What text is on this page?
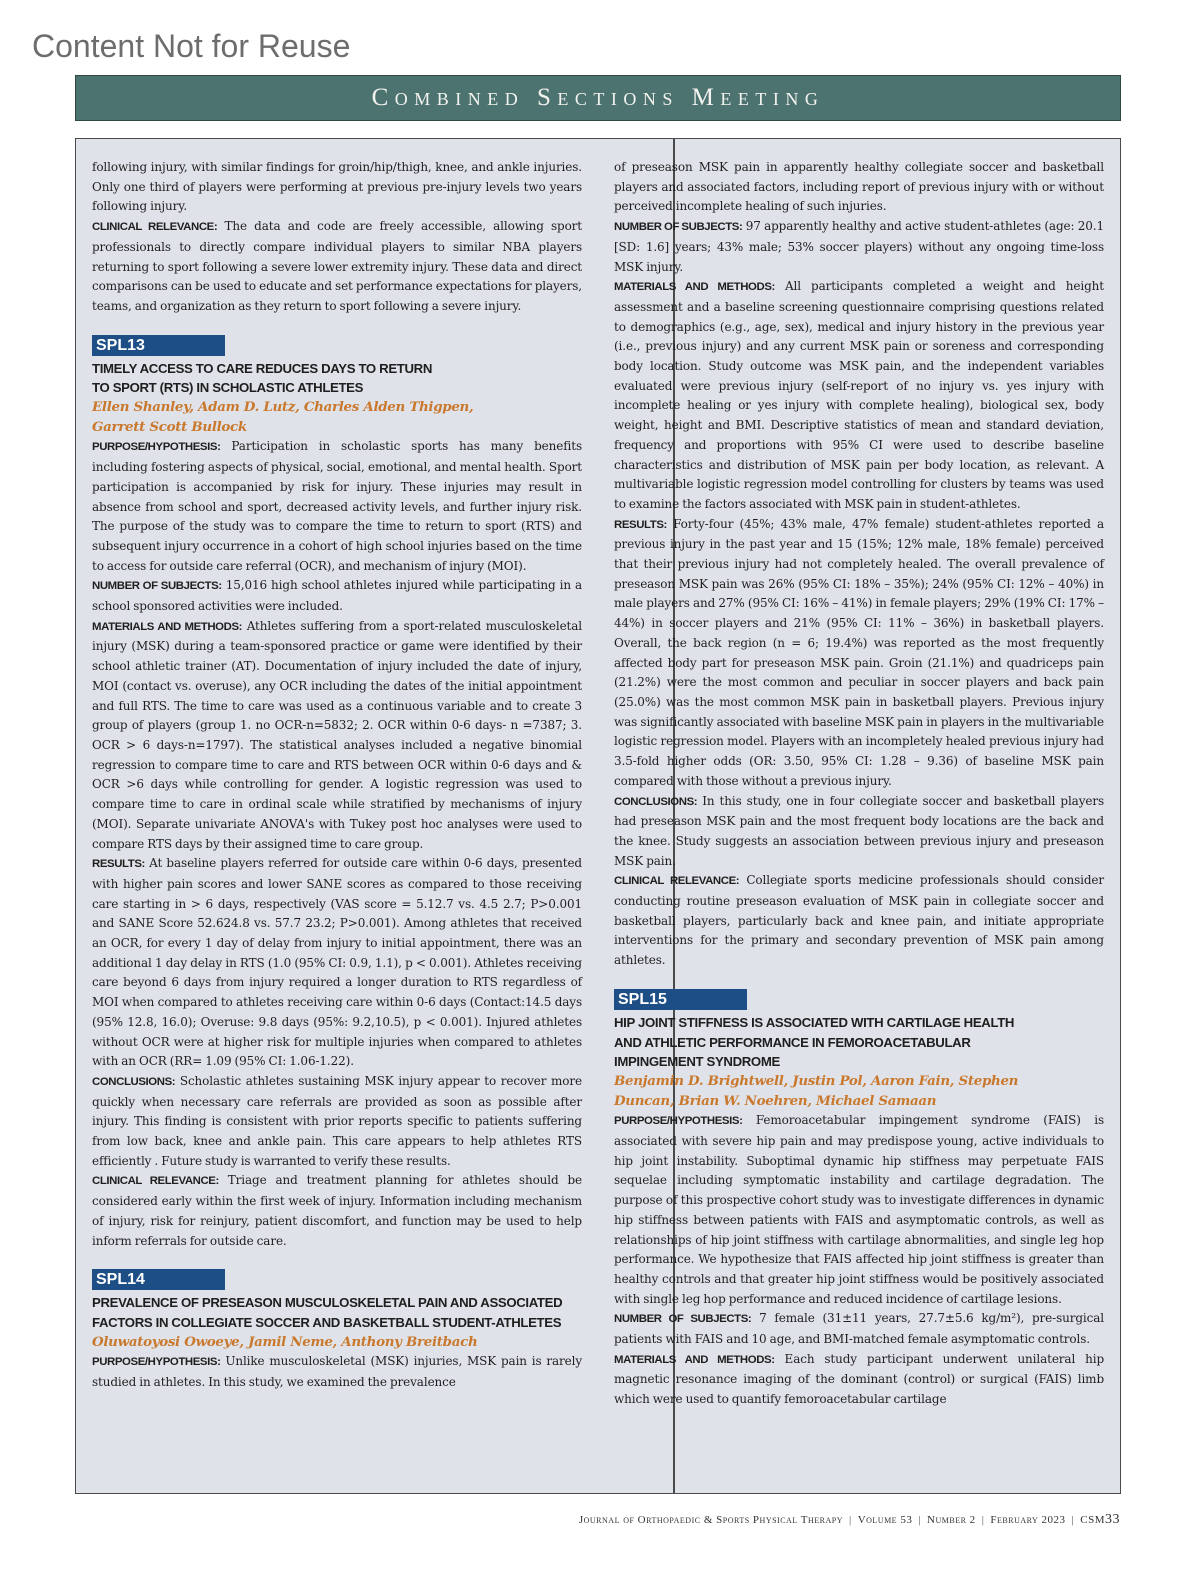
Content Not for Reuse
Combined Sections Meeting

following injury, with similar findings for groin/hip/thigh, knee, and ankle injuries. Only one third of players were performing at previous pre-injury levels two years following injury.

CLINICAL RELEVANCE: The data and code are freely accessible, allowing sport professionals to directly compare individual players to similar NBA players returning to sport following a severe lower extremity injury. These data and direct comparisons can be used to educate and set performance expectations for players, teams, and organization as they return to sport following a severe injury.

SPL13
TIMELY ACCESS TO CARE REDUCES DAYS TO RETURN TO SPORT (RTS) IN SCHOLASTIC ATHLETES
Ellen Shanley, Adam D. Lutz, Charles Alden Thigpen, Garrett Scott Bullock

PURPOSE/HYPOTHESIS: Participation in scholastic sports has many benefits including fostering aspects of physical, social, emotional, and mental health. Sport participation is accompanied by risk for injury. These injuries may result in absence from school and sport, decreased activity levels, and further injury risk. The purpose of the study was to compare the time to return to sport (RTS) and subsequent injury occurrence in a cohort of high school injuries based on the time to access for outside care referral (OCR), and mechanism of injury (MOI).

NUMBER OF SUBJECTS: 15,016 high school athletes injured while participating in a school sponsored activities were included.

MATERIALS AND METHODS: Athletes suffering from a sport-related musculoskeletal injury (MSK) during a team-sponsored practice or game were identified by their school athletic trainer (AT). Documentation of injury included the date of injury, MOI (contact vs. overuse), any OCR including the dates of the initial appointment and full RTS. The time to care was used as a continuous variable and to create 3 group of players (group 1. no OCR-n=5832; 2. OCR within 0-6 days- n =7387; 3. OCR > 6 days-n=1797). The statistical analyses included a negative binomial regression to compare time to care and RTS between OCR within 0-6 days and & OCR >6 days while controlling for gender. A logistic regression was used to compare time to care in ordinal scale while stratified by mechanisms of injury (MOI). Separate univariate ANOVA's with Tukey post hoc analyses were used to compare RTS days by their assigned time to care group.

RESULTS: At baseline players referred for outside care within 0-6 days, presented with higher pain scores and lower SANE scores as compared to those receiving care starting in > 6 days, respectively (VAS score = 5.12.7 vs. 4.5 2.7; P>0.001 and SANE Score 52.624.8 vs. 57.7 23.2; P>0.001). Among athletes that received an OCR, for every 1 day of delay from injury to initial appointment, there was an additional 1 day delay in RTS (1.0 (95% CI: 0.9, 1.1), p < 0.001). Athletes receiving care beyond 6 days from injury required a longer duration to RTS regardless of MOI when compared to athletes receiving care within 0-6 days (Contact:14.5 days (95% 12.8, 16.0); Overuse: 9.8 days (95%: 9.2,10.5), p < 0.001). Injured athletes without OCR were at higher risk for multiple injuries when compared to athletes with an OCR (RR= 1.09 (95% CI: 1.06-1.22).

CONCLUSIONS: Scholastic athletes sustaining MSK injury appear to recover more quickly when necessary care referrals are provided as soon as possible after injury. This finding is consistent with prior reports specific to patients suffering from low back, knee and ankle pain. This care appears to help athletes RTS efficiently . Future study is warranted to verify these results.

CLINICAL RELEVANCE: Triage and treatment planning for athletes should be considered early within the first week of injury. Information including mechanism of injury, risk for reinjury, patient discomfort, and function may be used to help inform referrals for outside care.

SPL14
PREVALENCE OF PRESEASON MUSCULOSKELETAL PAIN AND ASSOCIATED FACTORS IN COLLEGIATE SOCCER AND BASKETBALL STUDENT-ATHLETES
Oluwatoyosi Owoeye, Jamil Neme, Anthony Breitbach

PURPOSE/HYPOTHESIS: Unlike musculoskeletal (MSK) injuries, MSK pain is rarely studied in athletes. In this study, we examined the prevalence

of preseason MSK pain in apparently healthy collegiate soccer and basketball players and associated factors, including report of previous injury with or without perceived incomplete healing of such injuries.

NUMBER OF SUBJECTS: 97 apparently healthy and active student-athletes (age: 20.1 [SD: 1.6] years; 43% male; 53% soccer players) without any ongoing time-loss MSK injury.

MATERIALS AND METHODS: All participants completed a weight and height assessment and a baseline screening questionnaire comprising questions related to demographics (e.g., age, sex), medical and injury history in the previous year (i.e., previous injury) and any current MSK pain or soreness and corresponding body location. Study outcome was MSK pain, and the independent variables evaluated were previous injury (self-report of no injury vs. yes injury with incomplete healing or yes injury with complete healing), biological sex, body weight, height and BMI. Descriptive statistics of mean and standard deviation, frequency and proportions with 95% CI were used to describe baseline characteristics and distribution of MSK pain per body location, as relevant. A multivariable logistic regression model controlling for clusters by teams was used to examine the factors associated with MSK pain in student-athletes.

RESULTS: Forty-four (45%; 43% male, 47% female) student-athletes reported a previous injury in the past year and 15 (15%; 12% male, 18% female) perceived that their previous injury had not completely healed. The overall prevalence of preseason MSK pain was 26% (95% CI: 18% – 35%); 24% (95% CI: 12% – 40%) in male players and 27% (95% CI: 16% – 41%) in female players; 29% (19% CI: 17% – 44%) in soccer players and 21% (95% CI: 11% – 36%) in basketball players. Overall, the back region (n = 6; 19.4%) was reported as the most frequently affected body part for preseason MSK pain. Groin (21.1%) and quadriceps pain (21.2%) were the most common and peculiar in soccer players and back pain (25.0%) was the most common MSK pain in basketball players. Previous injury was significantly associated with baseline MSK pain in players in the multivariable logistic regression model. Players with an incompletely healed previous injury had 3.5-fold higher odds (OR: 3.50, 95% CI: 1.28 – 9.36) of baseline MSK pain compared with those without a previous injury.

CONCLUSIONS: In this study, one in four collegiate soccer and basketball players had preseason MSK pain and the most frequent body locations are the back and the knee. Study suggests an association between previous injury and preseason MSK pain.

CLINICAL RELEVANCE: Collegiate sports medicine professionals should consider conducting routine preseason evaluation of MSK pain in collegiate soccer and basketball players, particularly back and knee pain, and initiate appropriate interventions for the primary and secondary prevention of MSK pain among athletes.

SPL15
HIP JOINT STIFFNESS IS ASSOCIATED WITH CARTILAGE HEALTH AND ATHLETIC PERFORMANCE IN FEMOROACETABULAR IMPINGEMENT SYNDROME
Benjamin D. Brightwell, Justin Pol, Aaron Fain, Stephen Duncan, Brian W. Noehren, Michael Samaan

PURPOSE/HYPOTHESIS: Femoroacetabular impingement syndrome (FAIS) is associated with severe hip pain and may predispose young, active individuals to hip joint instability. Suboptimal dynamic hip stiffness may perpetuate FAIS sequelae including symptomatic instability and cartilage degradation. The purpose of this prospective cohort study was to investigate differences in dynamic hip stiffness between patients with FAIS and asymptomatic controls, as well as relationships of hip joint stiffness with cartilage abnormalities, and single leg hop performance. We hypothesize that FAIS affected hip joint stiffness is greater than healthy controls and that greater hip joint stiffness would be positively associated with single leg hop performance and reduced incidence of cartilage lesions.

NUMBER OF SUBJECTS: 7 female (31±11 years, 27.7±5.6 kg/m²), pre-surgical patients with FAIS and 10 age, and BMI-matched female asymptomatic controls.

MATERIALS AND METHODS: Each study participant underwent unilateral hip magnetic resonance imaging of the dominant (control) or surgical (FAIS) limb which were used to quantify femoroacetabular cartilage

Journal of Orthopaedic & Sports Physical Therapy | Volume 53 | Number 2 | February 2023 | CSM33
